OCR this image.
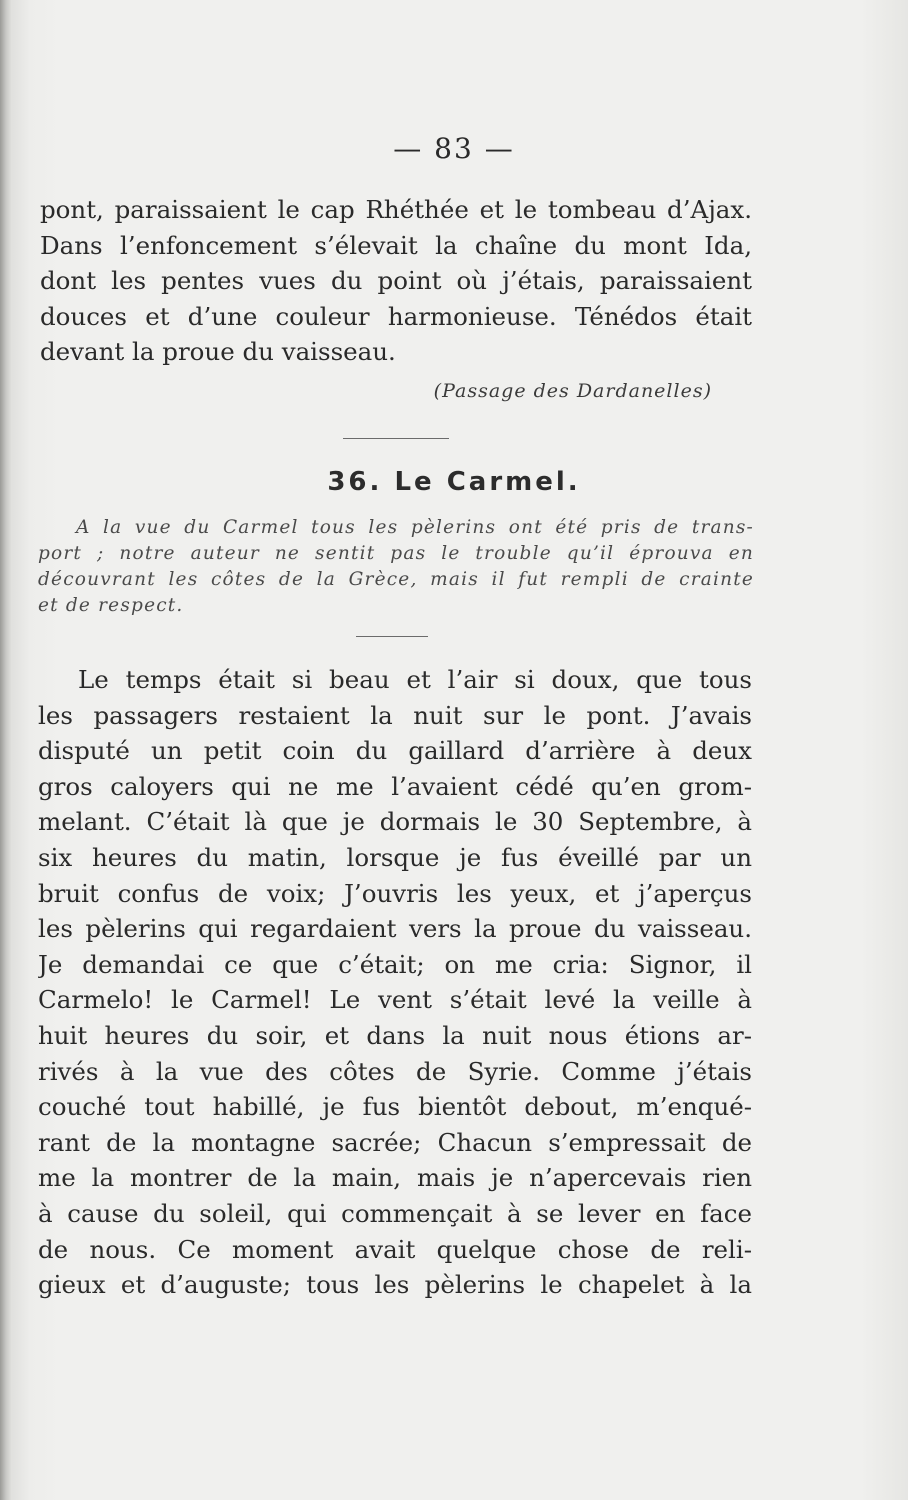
— 83 —

pont, paraissaient le cap Rhéthée et le tombeau d’Ajax.
Dans l’enfoncement s’élevait la chaîne du mont Ida,
dont les pentes vues du point où j’étais, paraissaient
douces et d’une couleur harmonieuse. Ténédos était
devant la proue du vaisseau.

(Passage des Dardanelles)
36. Le Carmel.
A la vue du Carmel tous les pèlerins ont été pris de trans-
port ; notre auteur ne sentit pas le trouble qu’il éprouva en
découvrant les côtes de la Grèce, mais il fut rempli de crainte
et de respect.

Le temps était si beau et l’air si doux, que tous
les passagers restaient la nuit sur le pont. J’avais
disputé un petit coin du gaillard d’arrière à deux
gros caloyers qui ne me l’avaient cédé qu’en grom-
melant. C’était là que je dormais le 30 Septembre, à
six heures du matin, lorsque je fus éveillé par un
bruit confus de voix; J’ouvris les yeux, et j’aperçus
les pèlerins qui regardaient vers la proue du vaisseau.
Je demandai ce que c’était; on me cria: Signor, il
Carmelo! le Carmel! Le vent s’était levé la veille à
huit heures du soir, et dans la nuit nous étions ar-
rivés à la vue des côtes de Syrie. Comme j’étais
couché tout habillé, je fus bientôt debout, m’enqué-
rant de la montagne sacrée; Chacun s’empressait de
me la montrer de la main, mais je n’apercevais rien
à cause du soleil, qui commençait à se lever en face
de nous. Ce moment avait quelque chose de reli-
gieux et d’auguste; tous les pèlerins le chapelet à la
